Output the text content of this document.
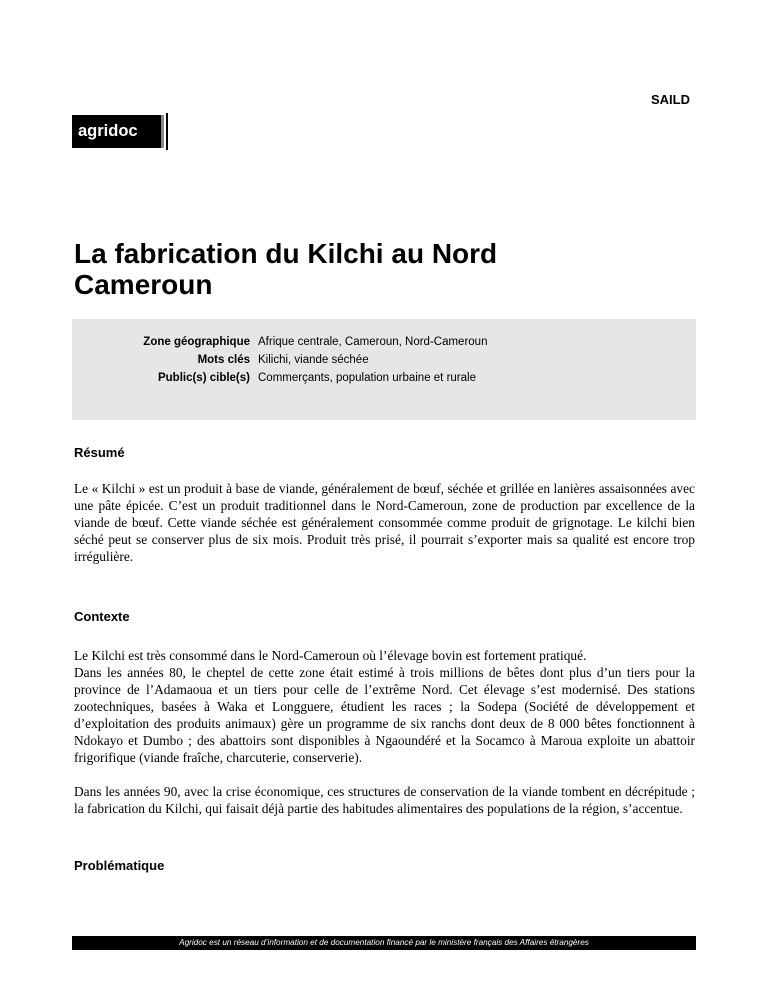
SAILD
agridoc
La fabrication du Kilchi au Nord Cameroun
Zone géographique Afrique centrale, Cameroun, Nord-Cameroun
Mots clés Kilichi, viande séchée
Public(s) cible(s) Commerçants, population urbaine et rurale
Résumé

Le « Kilchi » est un produit à base de viande, généralement de bœuf, séchée et grillée en lanières assaisonnées avec une pâte épicée. C’est un produit traditionnel dans le Nord-Cameroun, zone de production par excellence de la viande de bœuf. Cette viande séchée est généralement consommée comme produit de grignotage. Le kilchi bien séché peut se conserver plus de six mois. Produit très prisé, il pourrait s’exporter mais sa qualité est encore trop irrégulière.

Contexte

Le Kilchi est très consommé dans le Nord-Cameroun où l’élevage bovin est fortement pratiqué.

Dans les années 80, le cheptel de cette zone était estimé à trois millions de bêtes dont plus d’un tiers pour la province de l’Adamaoua et un tiers pour celle de l’extrême Nord. Cet élevage s’est modernisé. Des stations zootechniques, basées à Waka et Longguere, étudient les races ; la Sodepa (Société de développement et d’exploitation des produits animaux) gère un programme de six ranchs dont deux de 8 000 bêtes fonctionnent à Ndokayo et Dumbo ; des abattoirs sont disponibles à Ngaoundéré et la Socamco à Maroua exploite un abattoir frigorifique (viande fraîche, charcuterie, conserverie).

Dans les années 90, avec la crise économique, ces structures de conservation de la viande tombent en décrépitude ; la fabrication du Kilchi, qui faisait déjà partie des habitudes alimentaires des populations de la région, s’accentue.

Problématique
Agridoc est un réseau d’information et de documentation financé par le ministère français des Affaires étrangères
